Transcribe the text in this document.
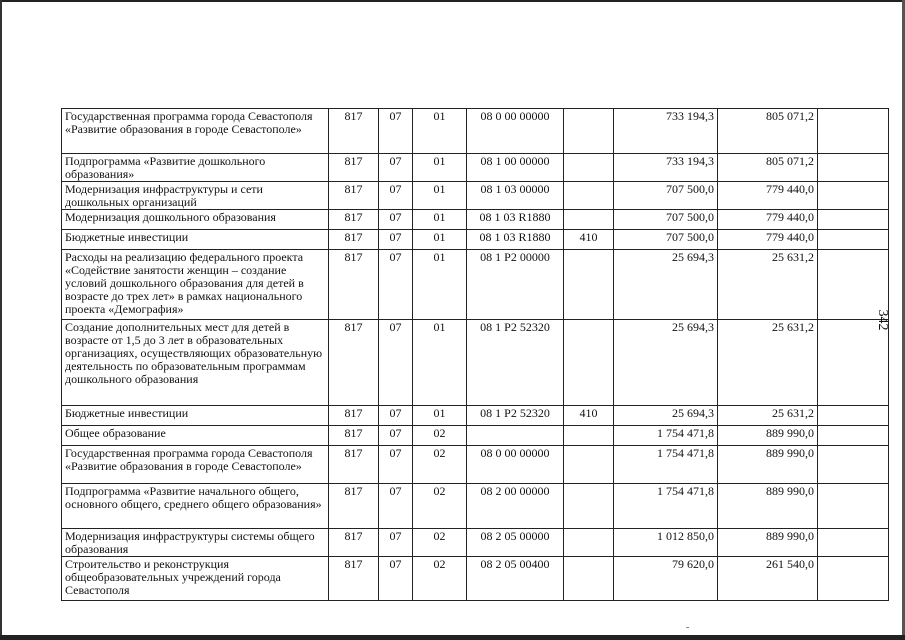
Государственная программа города Севастополя «Развитие образования в городе Севастополе»	817	07	01	08 0 00 00000		733 194,3	805 071,2	
Подпрограмма «Развитие дошкольного образования»	817	07	01	08 1 00 00000		733 194,3	805 071,2	
Модернизация инфраструктуры и сети дошкольных организаций	817	07	01	08 1 03 00000		707 500,0	779 440,0	
Модернизация дошкольного образования	817	07	01	08 1 03 R1880		707 500,0	779 440,0	
Бюджетные инвестиции	817	07	01	08 1 03 R1880	410	707 500,0	779 440,0	
Расходы на реализацию федерального проекта «Содействие занятости женщин – создание условий дошкольного образования для детей в возрасте до трех лет» в рамках национального проекта «Демография»	817	07	01	08 1 P2 00000		25 694,3	25 631,2	
Создание дополнительных мест для детей в возрасте от 1,5 до 3 лет в образовательных организациях, осуществляющих образовательную деятельность по образовательным программам дошкольного образования	817	07	01	08 1 P2 52320		25 694,3	25 631,2	
Бюджетные инвестиции	817	07	01	08 1 P2 52320	410	25 694,3	25 631,2	
Общее образование	817	07	02			1 754 471,8	889 990,0	
Государственная программа города Севастополя «Развитие образования в городе Севастополе»	817	07	02	08 0 00 00000		1 754 471,8	889 990,0	
Подпрограмма «Развитие начального общего, основного общего, среднего общего образования»	817	07	02	08 2 00 00000		1 754 471,8	889 990,0	
Модернизация инфраструктуры системы общего образования	817	07	02	08 2 05 00000		1 012 850,0	889 990,0	
Строительство и реконструкция общеобразовательных учреждений города Севастополя	817	07	02	08 2 05 00400		79 620,0	261 540,0	
342
